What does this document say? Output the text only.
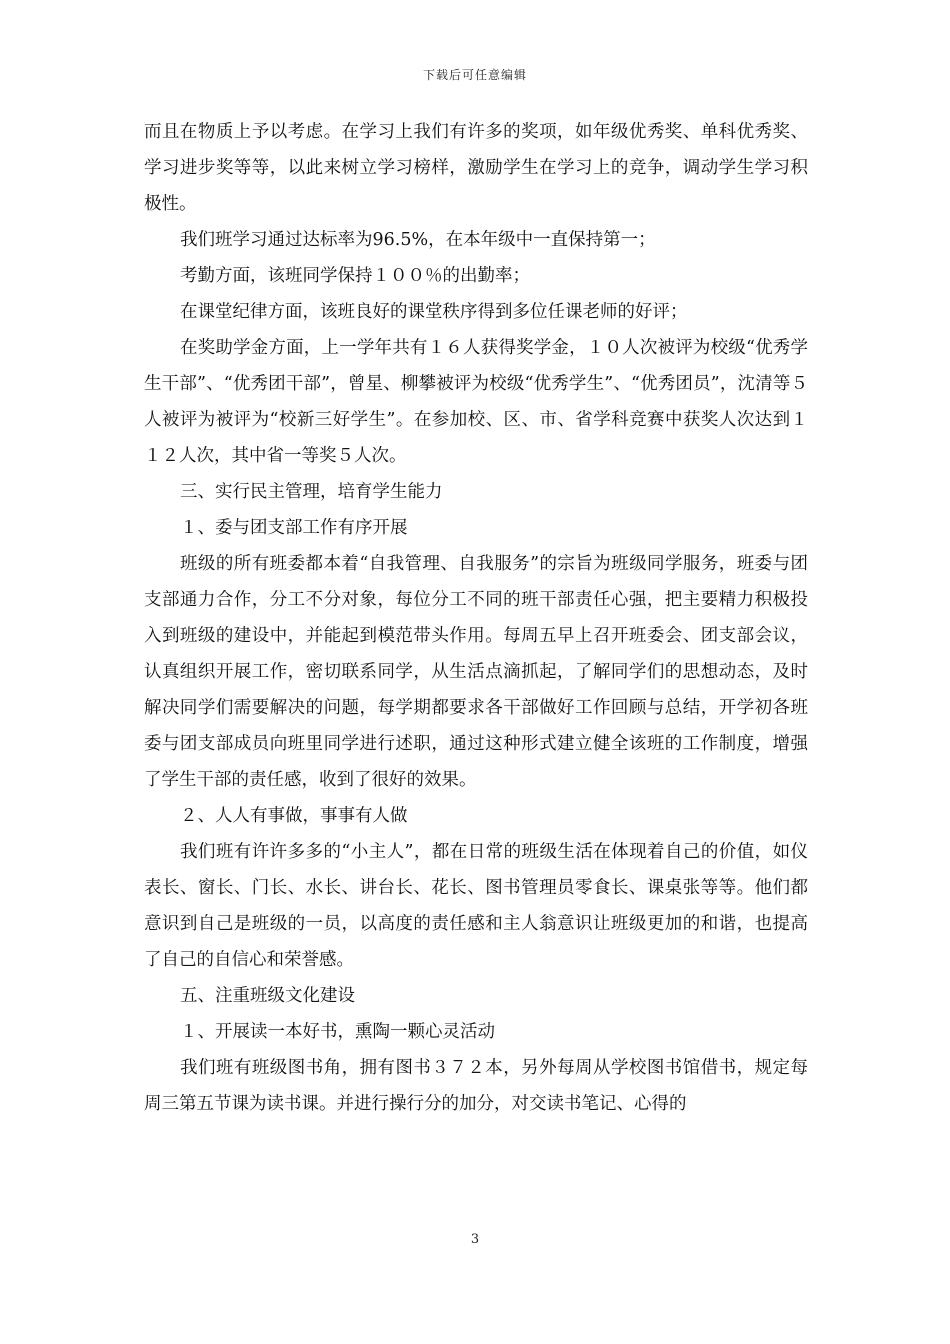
下载后可任意编辑

而且在物质上予以考虑。在学习上我们有许多的奖项，如年级优秀奖、单科优秀奖、学习进步奖等等，以此来树立学习榜样，激励学生在学习上的竞争，调动学生学习积极性。

我们班学习通过达标率为96.5%，在本年级中一直保持第一；

考勤方面，该班同学保持１００％的出勤率；

在课堂纪律方面，该班良好的课堂秩序得到多位任课老师的好评；

在奖助学金方面，上一学年共有１６人获得奖学金，１０人次被评为校级“优秀学生干部”、“优秀团干部”，曾星、柳攀被评为校级“优秀学生”、“优秀团员”，沈清等５人被评为被评为“校新三好学生”。在参加校、区、市、省学科竞赛中获奖人次达到１１２人次，其中省一等奖５人次。

三、实行民主管理，培育学生能力

１、委与团支部工作有序开展

班级的所有班委都本着“自我管理、自我服务”的宗旨为班级同学服务，班委与团支部通力合作，分工不分对象，每位分工不同的班干部责任心强，把主要精力积极投入到班级的建设中，并能起到模范带头作用。每周五早上召开班委会、团支部会议，认真组织开展工作，密切联系同学，从生活点滴抓起，了解同学们的思想动态，及时解决同学们需要解决的问题，每学期都要求各干部做好工作回顾与总结，开学初各班委与团支部成员向班里同学进行述职，通过这种形式建立健全该班的工作制度，增强了学生干部的责任感，收到了很好的效果。

２、人人有事做，事事有人做

我们班有许许多多的“小主人”，都在日常的班级生活在体现着自己的价值，如仪表长、窗长、门长、水长、讲台长、花长、图书管理员零食长、课桌张等等。他们都意识到自己是班级的一员，以高度的责任感和主人翁意识让班级更加的和谐，也提高了自己的自信心和荣誉感。

五、注重班级文化建设

１、开展读一本好书，熏陶一颗心灵活动

我们班有班级图书角，拥有图书３７２本，另外每周从学校图书馆借书，规定每周三第五节课为读书课。并进行操行分的加分，对交读书笔记、心得的

3
